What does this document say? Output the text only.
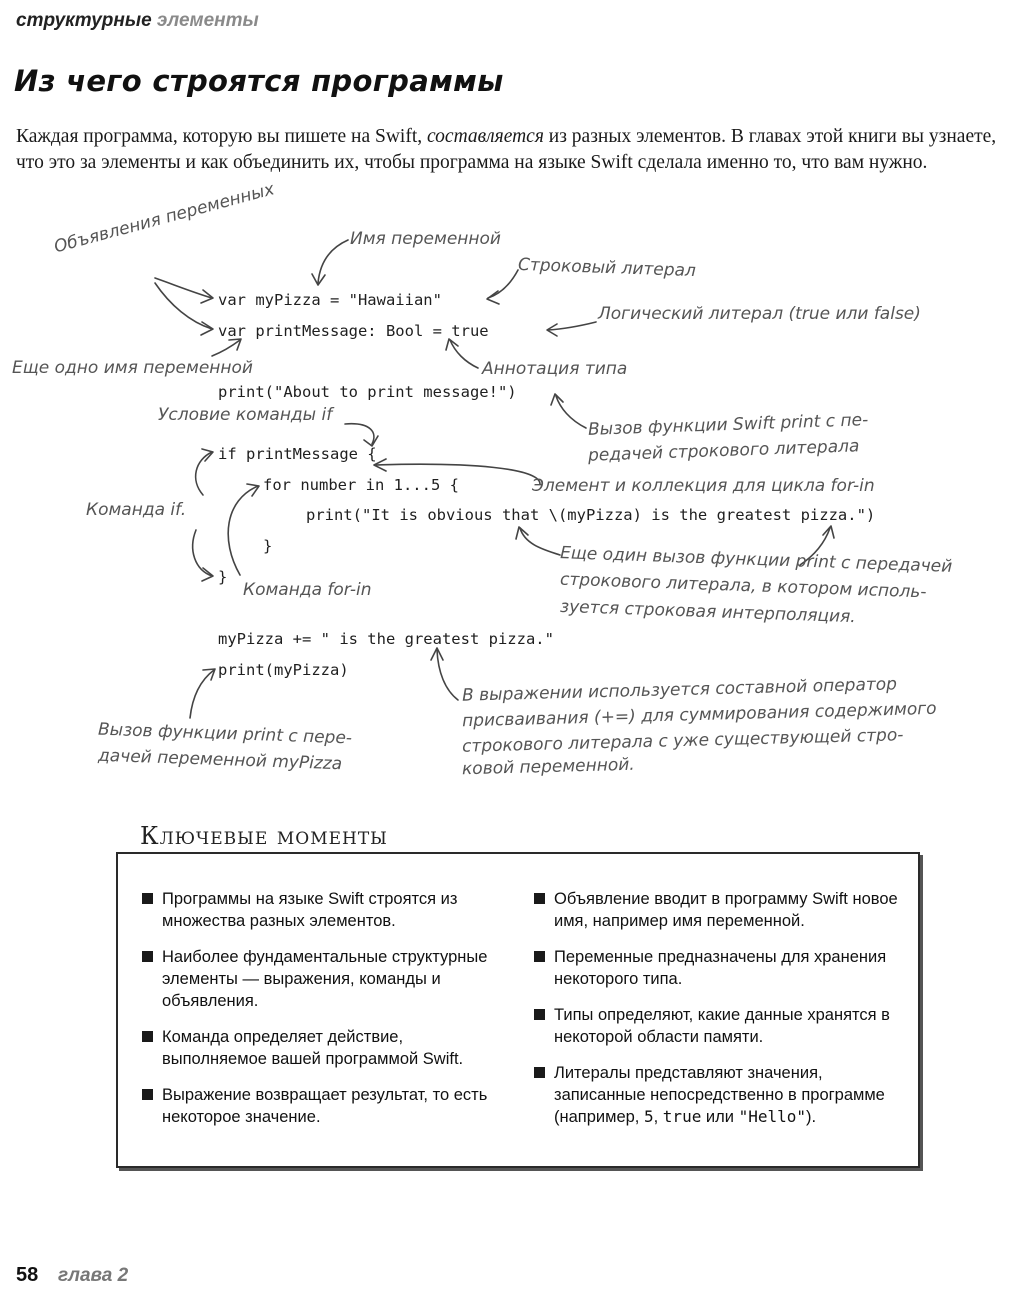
структурные элементы
Из чего строятся программы
Каждая программа, которую вы пишете на Swift, составляется из разных элементов. В главах этой книги вы узнаете, что это за элементы и как объединить их, чтобы программа на языке Swift сделала именно то, что вам нужно.
var myPizza = "Hawaiian"
var printMessage: Bool = true
print("About to print message!")
if printMessage {
for number in 1...5 {
print("It is obvious that \(myPizza) is the greatest pizza.")
}
}
myPizza += " is the greatest pizza."
print(myPizza)
Объявления переменных	Имя переменной
Строковый литерал
Логический литерал (true или false)
Еще одно имя переменной	Аннотация типа
Условие команды if	Вызов функции Swift print с пе-
редачей строкового литерала
Элемент и коллекция для цикла for-in
Команда if.
Еще один вызов функции print с передачей
строкового литерала, в котором исполь-
зуется строковая интерполяция.
Команда for-in
В выражении используется составной оператор
присваивания (+=) для суммирования содержимого
строкового литерала с уже существующей стро-
ковой переменной.
Вызов функции print с пере-
дачей переменной myPizza
Ключевые моменты
Программы на языке Swift строятся из множества разных элементов.
Наиболее фундаментальные структурные элементы — выражения, команды и объявления.
Команда определяет действие, выполняемое вашей программой Swift.
Выражение возвращает результат, то есть некоторое значение.
Объявление вводит в программу Swift новое имя, например имя переменной.
Переменные предназначены для хранения некоторого типа.
Типы определяют, какие данные хранятся в некоторой области памяти.
Литералы представляют значения, записанные непосредственно в программе (например, 5, true или "Hello").
58 глава 2
